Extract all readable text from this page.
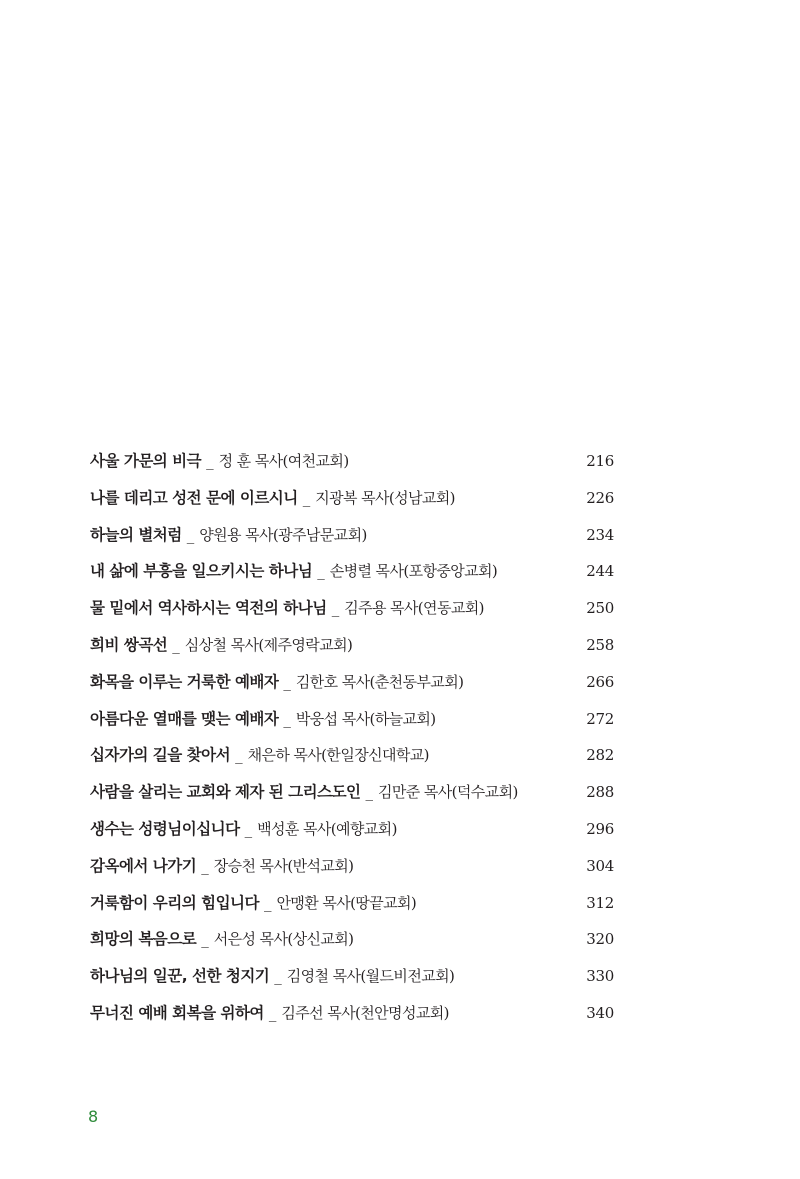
사울 가문의 비극 _ 정 훈 목사(여천교회)	216
나를 데리고 성전 문에 이르시니 _ 지광복 목사(성남교회)	226
하늘의 별처럼 _ 양원용 목사(광주남문교회)	234
내 삶에 부흥을 일으키시는 하나님 _ 손병렬 목사(포항중앙교회)	244
물 밑에서 역사하시는 역전의 하나님 _ 김주용 목사(연동교회)	250
희비 쌍곡선 _ 심상철 목사(제주영락교회)	258
화목을 이루는 거룩한 예배자 _ 김한호 목사(춘천동부교회)	266
아름다운 열매를 맺는 예배자 _ 박웅섭 목사(하늘교회)	272
십자가의 길을 찾아서 _ 채은하 목사(한일장신대학교)	282
사람을 살리는 교회와 제자 된 그리스도인 _ 김만준 목사(덕수교회)	288
생수는 성령님이십니다 _ 백성훈 목사(예향교회)	296
감옥에서 나가기 _ 장승천 목사(반석교회)	304
거룩함이 우리의 힘입니다 _ 안맹환 목사(땅끝교회)	312
희망의 복음으로 _ 서은성 목사(상신교회)	320
하나님의 일꾼, 선한 청지기 _ 김영철 목사(월드비전교회)	330
무너진 예배 회복을 위하여 _ 김주선 목사(천안명성교회)	340
8
